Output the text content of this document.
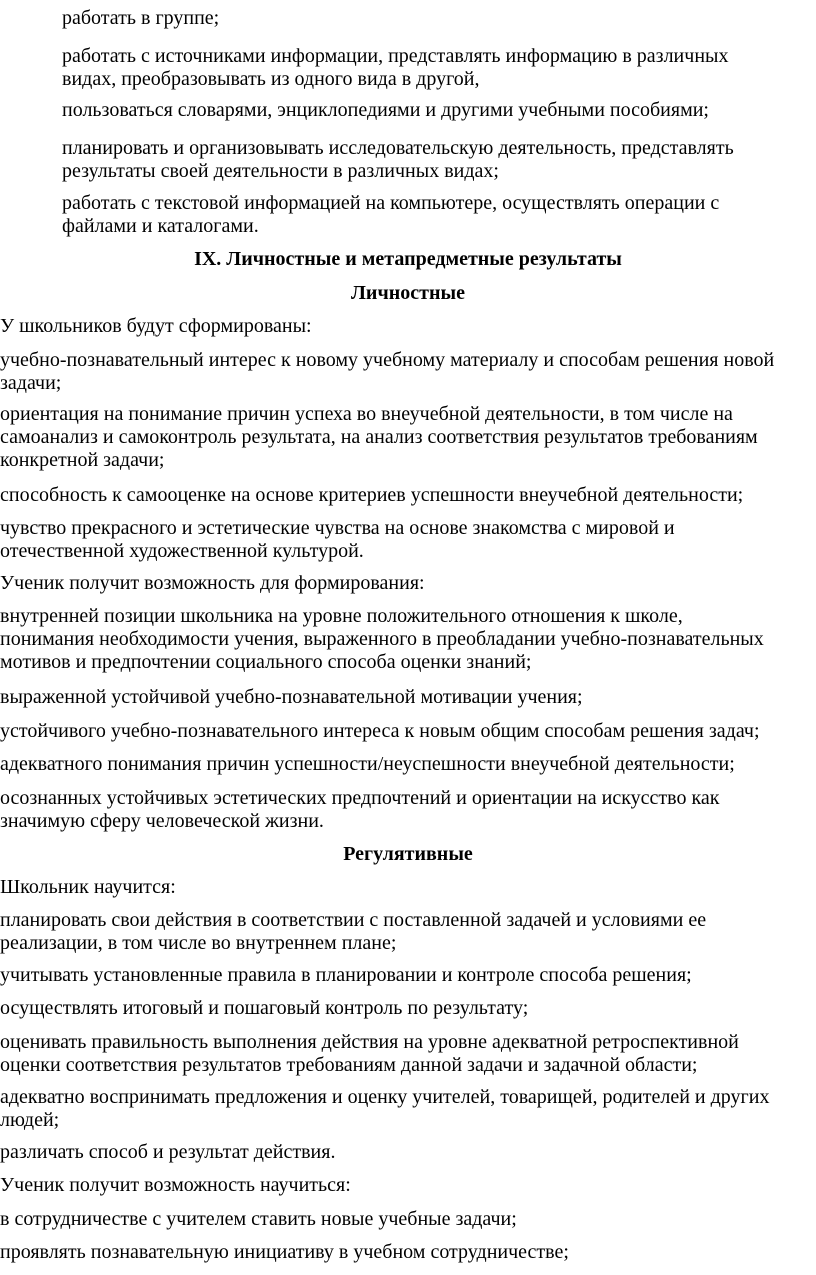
работать в группе;

работать с источниками информации, представлять информацию в различных
видах, преобразовывать из одного вида в другой,

пользоваться словарями, энциклопедиями и другими учебными пособиями;

планировать и организовывать исследовательскую деятельность, представлять
результаты своей деятельности в различных видах;

работать с текстовой информацией на компьютере, осуществлять операции с
файлами и каталогами.

IX. Личностные и метапредметные результаты

Личностные

У школьников будут сформированы:

учебно-познавательный интерес к новому учебному материалу и способам решения новой
задачи;

ориентация на понимание причин успеха во внеучебной деятельности, в том числе на
самоанализ и самоконтроль результата, на анализ соответствия результатов требованиям
конкретной задачи;

способность к самооценке на основе критериев успешности внеучебной деятельности;

чувство прекрасного и эстетические чувства на основе знакомства с мировой и
отечественной художественной культурой.

Ученик получит возможность для формирования:

внутренней позиции школьника на уровне положительного отношения к школе,
понимания необходимости учения, выраженного в преобладании учебно-познавательных
мотивов и предпочтении социального способа оценки знаний;

выраженной устойчивой учебно-познавательной мотивации учения;

устойчивого учебно-познавательного интереса к новым общим способам решения задач;

адекватного понимания причин успешности/неуспешности внеучебной деятельности;

осознанных устойчивых эстетических предпочтений и ориентации на искусство как
значимую сферу человеческой жизни.

Регулятивные

Школьник научится:

планировать свои действия в соответствии с поставленной задачей и условиями ее
реализации, в том числе во внутреннем плане;

учитывать установленные правила в планировании и контроле способа решения;

осуществлять итоговый и пошаговый контроль по результату;

оценивать правильность выполнения действия на уровне адекватной ретроспективной
оценки соответствия результатов требованиям данной задачи и задачной области;

адекватно воспринимать предложения и оценку учителей, товарищей, родителей и других
людей;

различать способ и результат действия.

Ученик получит возможность научиться:

в сотрудничестве с учителем ставить новые учебные задачи;

проявлять познавательную инициативу в учебном сотрудничестве;
